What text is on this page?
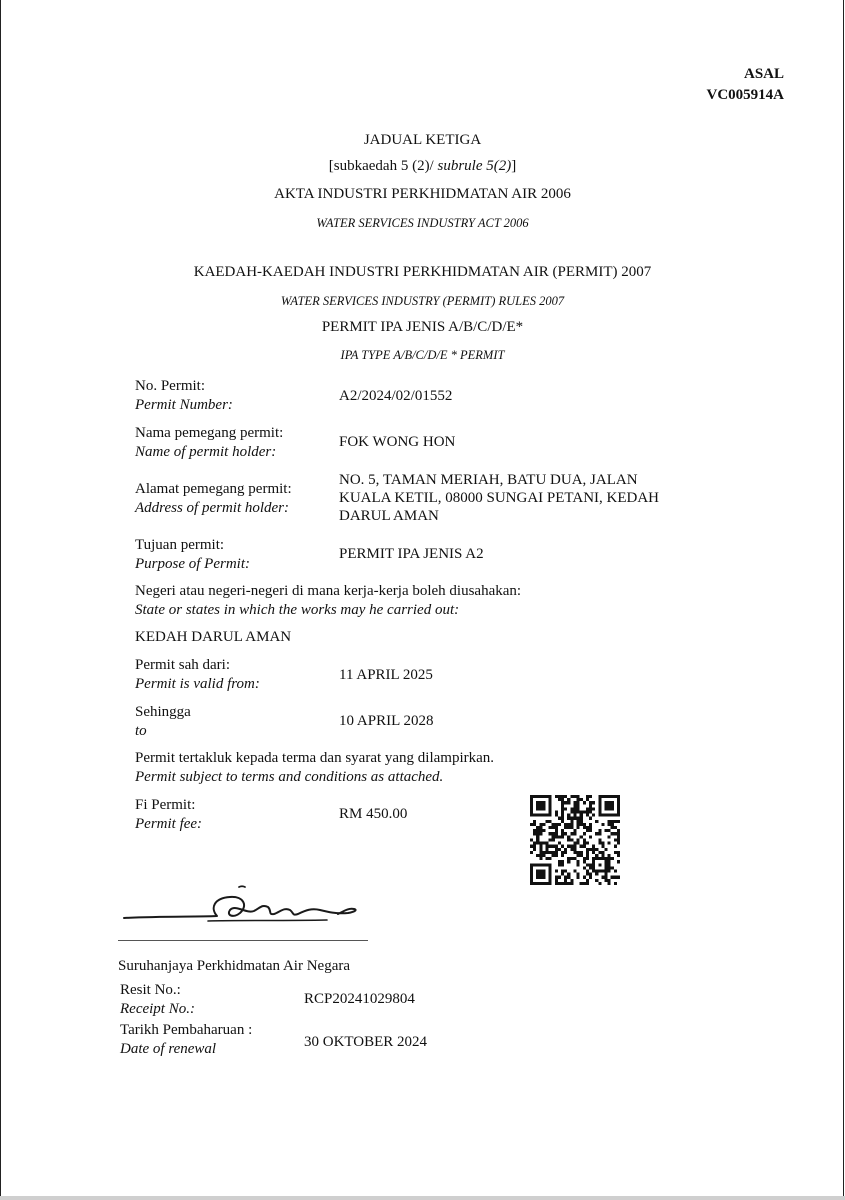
ASAL
VC005914A
JADUAL KETIGA
[subkaedah 5 (2)/ subrule 5(2)]
AKTA INDUSTRI PERKHIDMATAN AIR 2006
WATER SERVICES INDUSTRY ACT 2006
KAEDAH-KAEDAH INDUSTRI PERKHIDMATAN AIR (PERMIT) 2007
WATER SERVICES INDUSTRY (PERMIT) RULES 2007
PERMIT IPA JENIS A/B/C/D/E*
IPA TYPE A/B/C/D/E * PERMIT
No. Permit:
Permit Number:
A2/2024/02/01552
Nama pemegang permit:
Name of permit holder:
FOK WONG HON
Alamat pemegang permit:
Address of permit holder:
NO. 5, TAMAN MERIAH, BATU DUA, JALAN
KUALA KETIL, 08000 SUNGAI PETANI, KEDAH
DARUL AMAN
Tujuan permit:
Purpose of Permit:
PERMIT IPA JENIS A2
Negeri atau negeri-negeri di mana kerja-kerja boleh diusahakan:
State or states in which the works may he carried out:
KEDAH DARUL AMAN
Permit sah dari:
Permit is valid from:
11 APRIL 2025
Sehingga
to
10 APRIL 2028
Permit tertakluk kepada terma dan syarat yang dilampirkan.
Permit subject to terms and conditions as attached.
Fi Permit:
Permit fee:
RM 450.00
Suruhanjaya Perkhidmatan Air Negara
Resit No.:
Receipt No.:
RCP20241029804
Tarikh Pembaharuan :
Date of renewal	30 OKTOBER 2024
